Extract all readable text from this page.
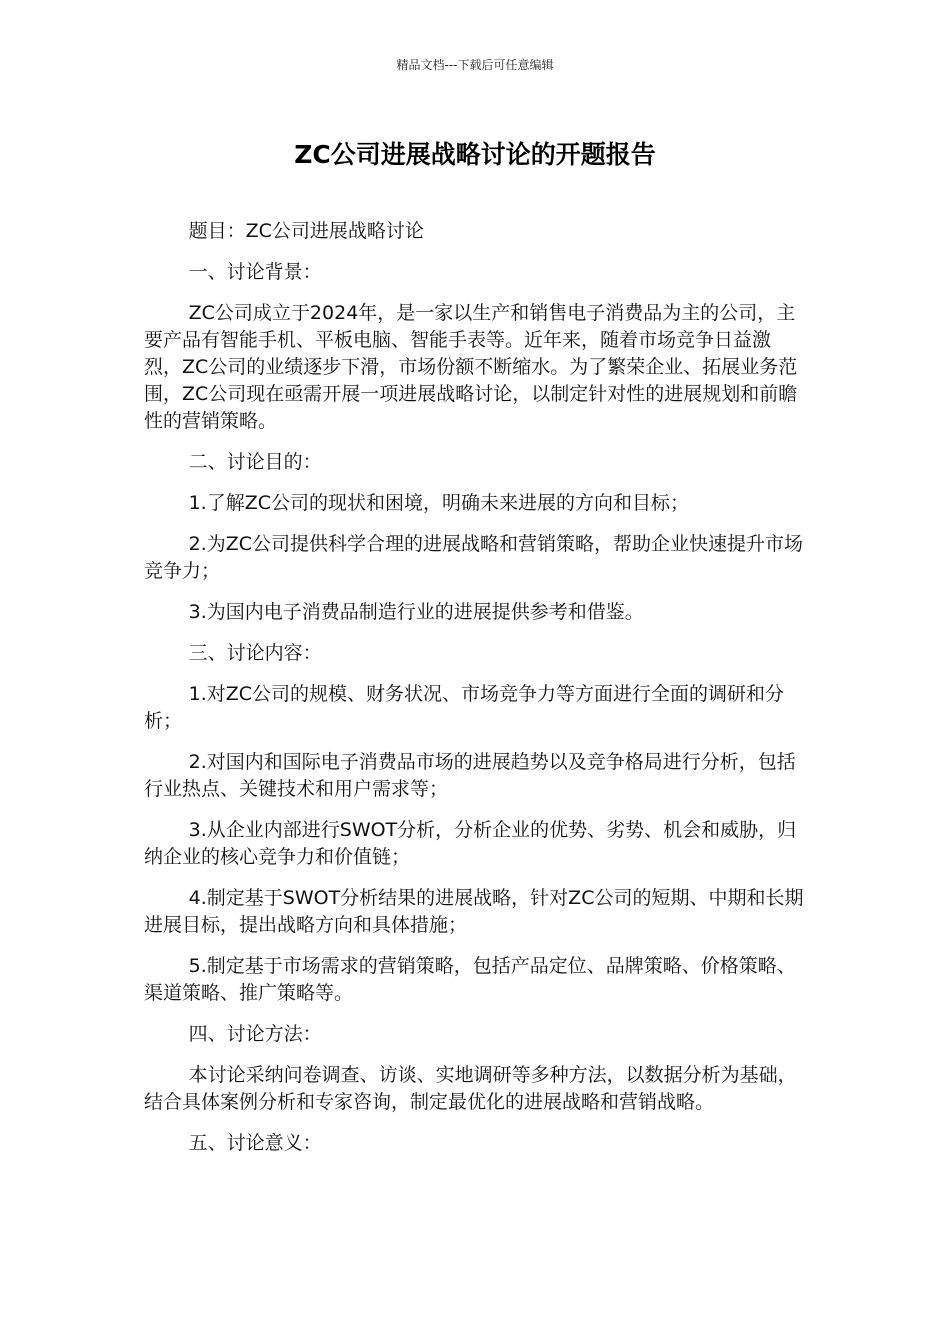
精品文档---下载后可任意编辑
ZC公司进展战略讨论的开题报告

题目：ZC公司进展战略讨论

一、讨论背景：

ZC公司成立于2024年，是一家以生产和销售电子消费品为主的公司，主要产品有智能手机、平板电脑、智能手表等。近年来，随着市场竞争日益激烈，ZC公司的业绩逐步下滑，市场份额不断缩水。为了繁荣企业、拓展业务范围，ZC公司现在亟需开展一项进展战略讨论，以制定针对性的进展规划和前瞻性的营销策略。

二、讨论目的：

1.了解ZC公司的现状和困境，明确未来进展的方向和目标；

2.为ZC公司提供科学合理的进展战略和营销策略，帮助企业快速提升市场竞争力；

3.为国内电子消费品制造行业的进展提供参考和借鉴。

三、讨论内容：

1.对ZC公司的规模、财务状况、市场竞争力等方面进行全面的调研和分析；

2.对国内和国际电子消费品市场的进展趋势以及竞争格局进行分析，包括行业热点、关键技术和用户需求等；

3.从企业内部进行SWOT分析，分析企业的优势、劣势、机会和威胁，归纳企业的核心竞争力和价值链；

4.制定基于SWOT分析结果的进展战略，针对ZC公司的短期、中期和长期进展目标，提出战略方向和具体措施；

5.制定基于市场需求的营销策略，包括产品定位、品牌策略、价格策略、渠道策略、推广策略等。

四、讨论方法：

本讨论采纳问卷调查、访谈、实地调研等多种方法，以数据分析为基础，结合具体案例分析和专家咨询，制定最优化的进展战略和营销战略。

五、讨论意义：
